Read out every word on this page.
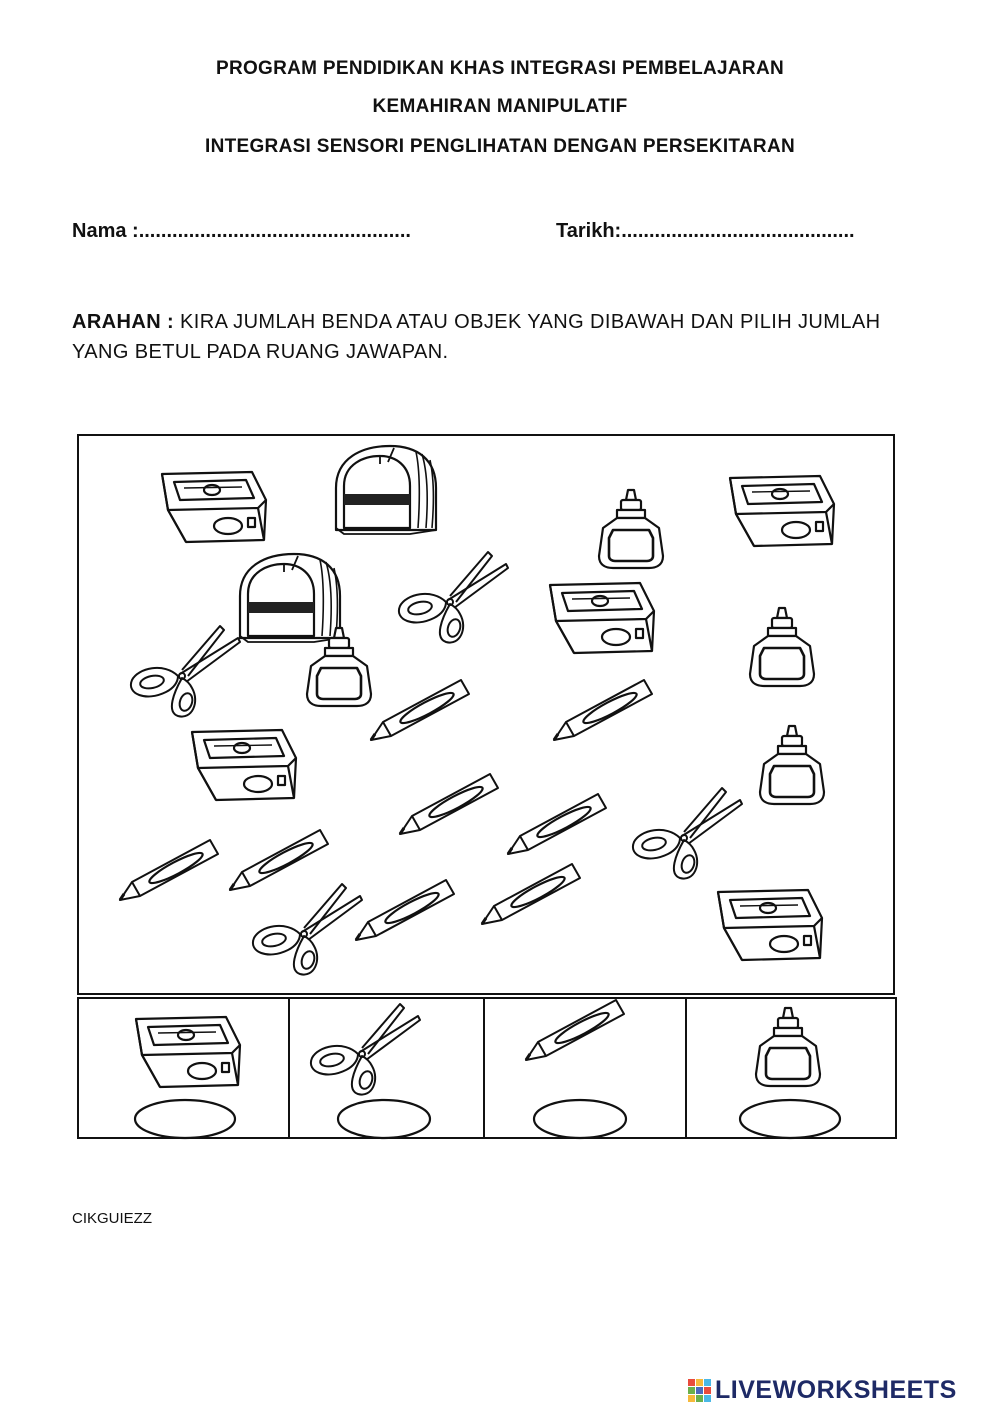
PROGRAM PENDIDIKAN KHAS INTEGRASI PEMBELAJARAN
KEMAHIRAN MANIPULATIF
INTEGRASI SENSORI PENGLIHATAN DENGAN PERSEKITARAN
Nama :.................................................	Tarikh:..........................................
ARAHAN : KIRA JUMLAH BENDA ATAU OBJEK YANG DIBAWAH DAN PILIH JUMLAH YANG BETUL PADA RUANG JAWAPAN.
CIKGUIEZZ
LIVEWORKSHEETS
